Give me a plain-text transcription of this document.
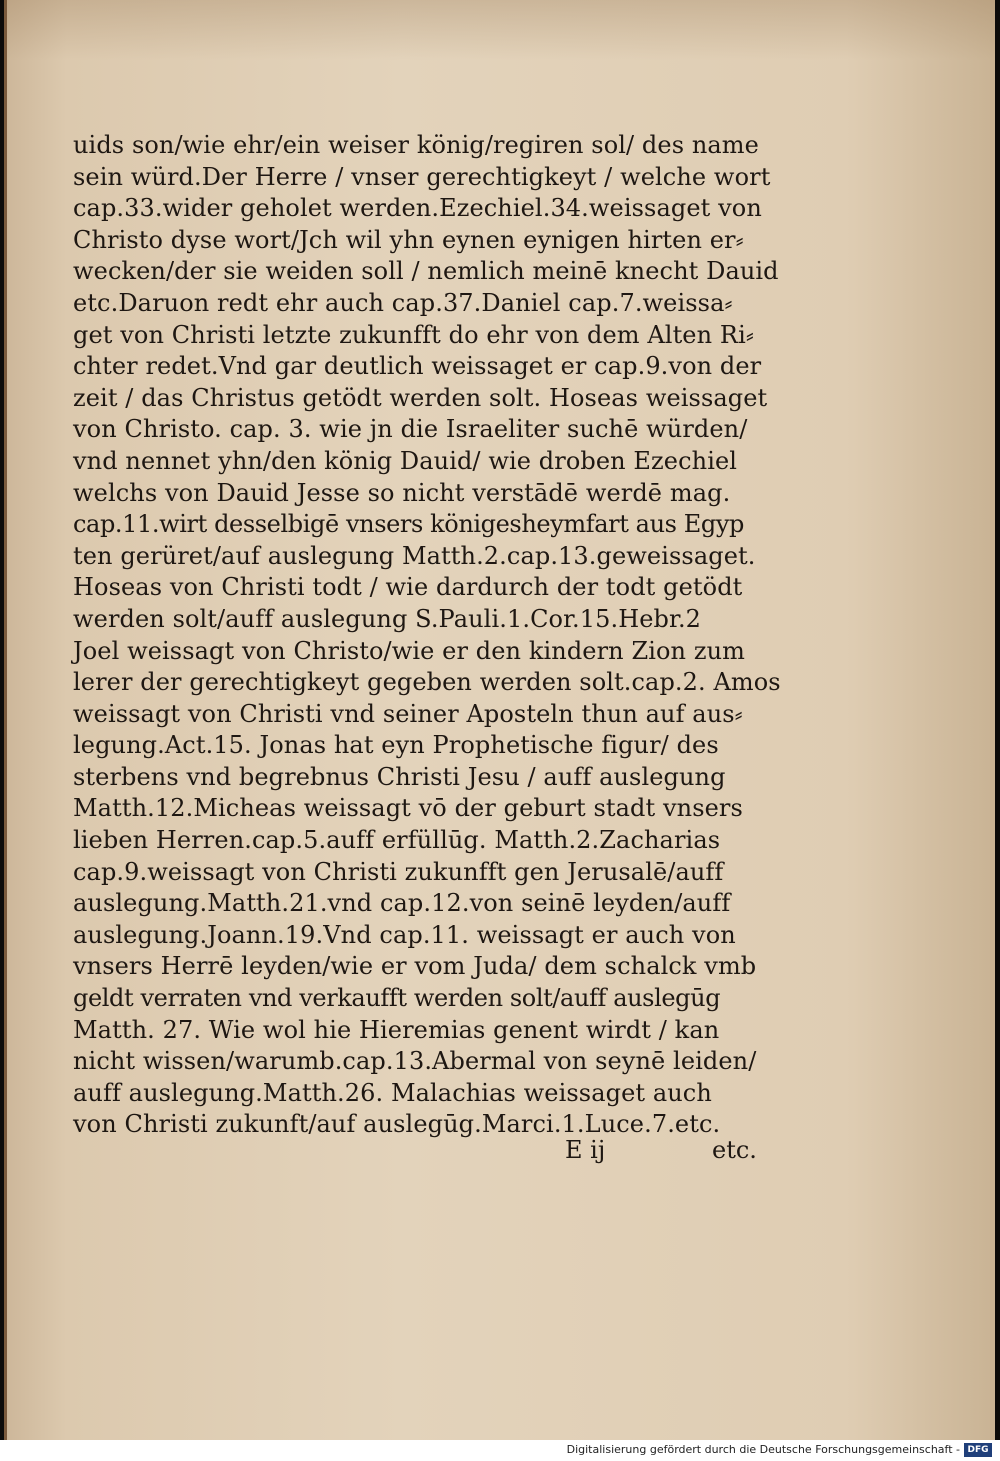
uids son/wie ehr/ein weiser könig/regiren sol/ des name
sein würd.Der Herre / vnser gerechtigkeyt / welche wort
cap.33.wider geholet werden.Ezechiel.34.weissaget von
Christo dyse wort/Jch wil yhn eynen eynigen hirten er⸗
wecken/der sie weiden soll / nemlich meinē knecht Dauid
etc.Daruon redt ehr auch cap.37.Daniel cap.7.weissa⸗
get von Christi letzte zukunfft do ehr von dem Alten Ri⸗
chter redet.Vnd gar deutlich weissaget er cap.9.von der
zeit / das Christus getödt werden solt. Hoseas weissaget
von Christo. cap. 3. wie jn die Israeliter suchē würden/
vnd nennet yhn/den könig Dauid/ wie droben Ezechiel
welchs von Dauid Jesse so nicht verstādē werdē mag.
cap.11.wirt desselbigē vnsers königesheymfart aus Egyp
ten gerüret/auf auslegung Matth.2.cap.13.geweissaget.
Hoseas von Christi todt / wie dardurch der todt getödt
werden solt/auff auslegung S.Pauli.1.Cor.15.Hebr.2
Joel weissagt von Christo/wie er den kindern Zion zum
lerer der gerechtigkeyt gegeben werden solt.cap.2. Amos
weissagt von Christi vnd seiner Aposteln thun auf aus⸗
legung.Act.15. Jonas hat eyn Prophetische figur/ des
sterbens vnd begrebnus Christi Jesu / auff auslegung
Matth.12.Micheas weissagt vō der geburt stadt vnsers
lieben Herren.cap.5.auff erfüllūg. Matth.2.Zacharias
cap.9.weissagt von Christi zukunfft gen Jerusalē/auff
auslegung.Matth.21.vnd cap.12.von seinē leyden/auff
auslegung.Joann.19.Vnd cap.11. weissagt er auch von
vnsers Herrē leyden/wie er vom Juda/ dem schalck vmb
geldt verraten vnd verkaufft werden solt/auff auslegūg
Matth. 27. Wie wol hie Hieremias genent wirdt / kan
nicht wissen/warumb.cap.13.Abermal von seynē leiden/
auff auslegung.Matth.26. Malachias weissaget auch
von Christi zukunft/auf auslegūg.Marci.1.Luce.7.etc.
E ij	etc.
Digitalisierung gefördert durch die Deutsche Forschungsgemeinschaft - DFG
